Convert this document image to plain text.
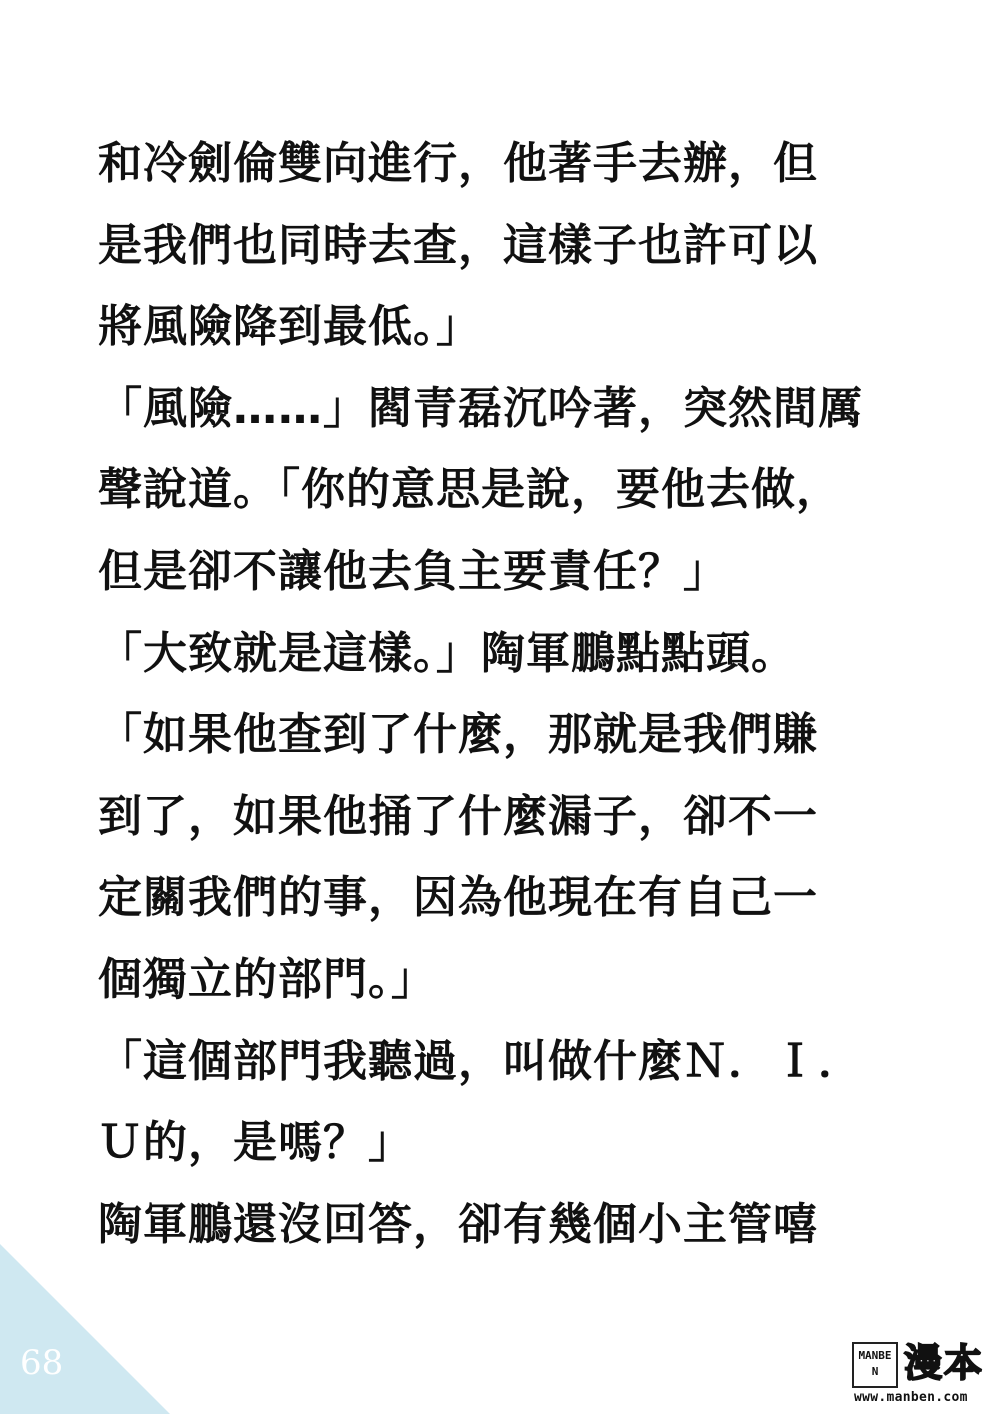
和冷劍倫雙向進行，他著手去辦，但
是我們也同時去查，這樣子也許可以
將風險降到最低。」
「風險……」閻青磊沉吟著，突然間厲
聲說道。「你的意思是說，要他去做，
但是卻不讓他去負主要責任？」
「大致就是這樣。」陶軍鵬點點頭。
「如果他查到了什麼，那就是我們賺
到了，如果他捅了什麼漏子，卻不一
定關我們的事，因為他現在有自己一
個獨立的部門。」
「這個部門我聽過，叫做什麼Ｎ．Ｉ．
Ｕ的，是嗎？」
陶軍鵬還沒回答，卻有幾個小主管嘻
68	MANBEN 漫本
www.manben.com
